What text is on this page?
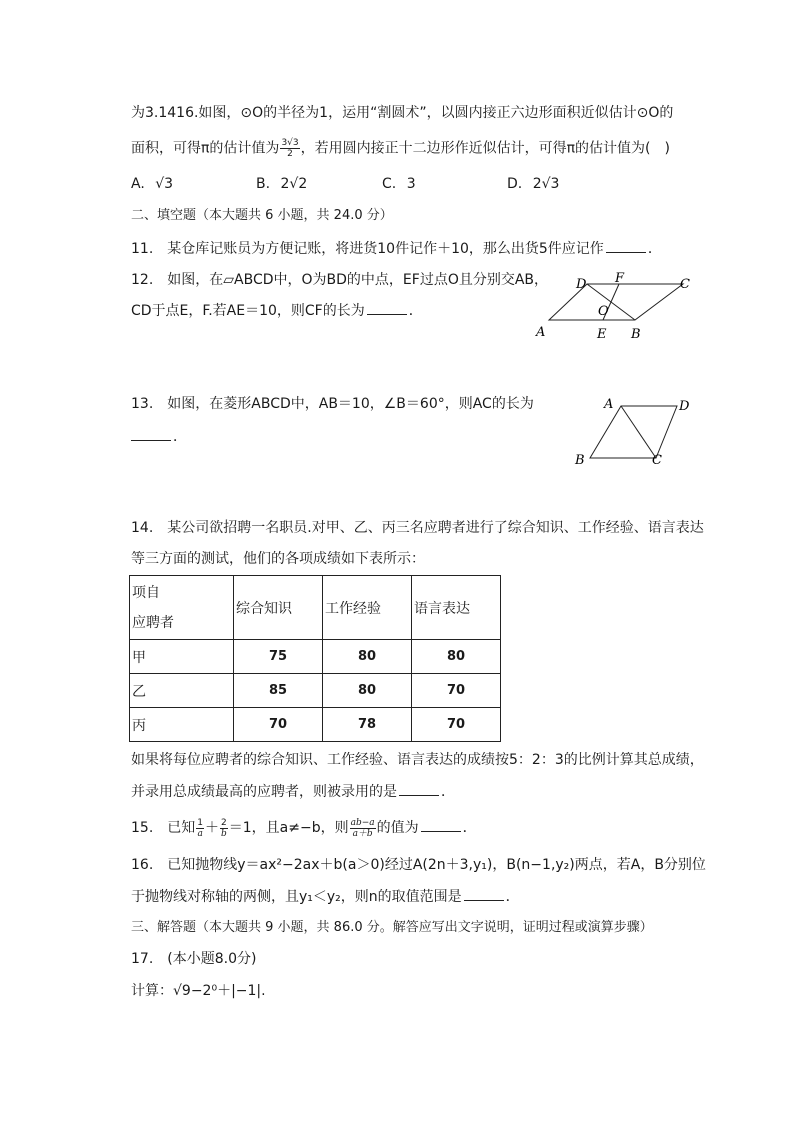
为3.1416.如图，⊙O的半径为1，运用“割圆术”，以圆内接正六边形面积近似估计⊙O的
面积，可得π的估计值为 $\frac{3√3}{2}$ ，若用圆内接正十二边形作近似估计，可得π的估计值为(　)
A. √3	B. 2√2	C. 3	D. 2√3
二、填空题（本大题共 6 小题，共 24.0 分）
11.　某仓库记账员为方便记账，将进货10件记作＋10，那么出货5件应记作	．
12.　如图，在▱ABCD中，O为BD的中点，EF过点O且分别交AB，
CD于点E，F.若AE＝10，则CF的长为	．
A	B
C
D
E
F
O
13.　如图，在菱形ABCD中，AB＝10，∠B＝60°，则AC的长为
．
A	D
B	C
14.　某公司欲招聘一名职员.对甲、乙、丙三名应聘者进行了综合知识、工作经验、语言表达
等三方面的测试，他们的各项成绩如下表所示：
项自
应聘者	综合知识	工作经验	语言表达
甲	75	80	80
乙	85	80	70
丙	70	78	70
如果将每位应聘者的综合知识、工作经验、语言表达的成绩按5：2：3的比例计算其总成绩，
并录用总成绩最高的应聘者，则被录用的是	．
15.　已知 $\frac{1}{a} + \frac{2}{b} =1$，且a≠−b，则 $\frac{ab-a}{a+b}$ 的值为	．
16.　已知抛物线y＝ax²−2ax＋b(a＞0)经过A(2n＋3,y₁)，B(n−1,y₂)两点，若A，B分别位
于抛物线对称轴的两侧，且y₁＜y₂，则n的取值范围是	．
三、解答题（本大题共 9 小题，共 86.0 分。解答应写出文字说明，证明过程或演算步骤）
17.　(本小题8.0分)
计算：√9−2⁰＋|−1|.
